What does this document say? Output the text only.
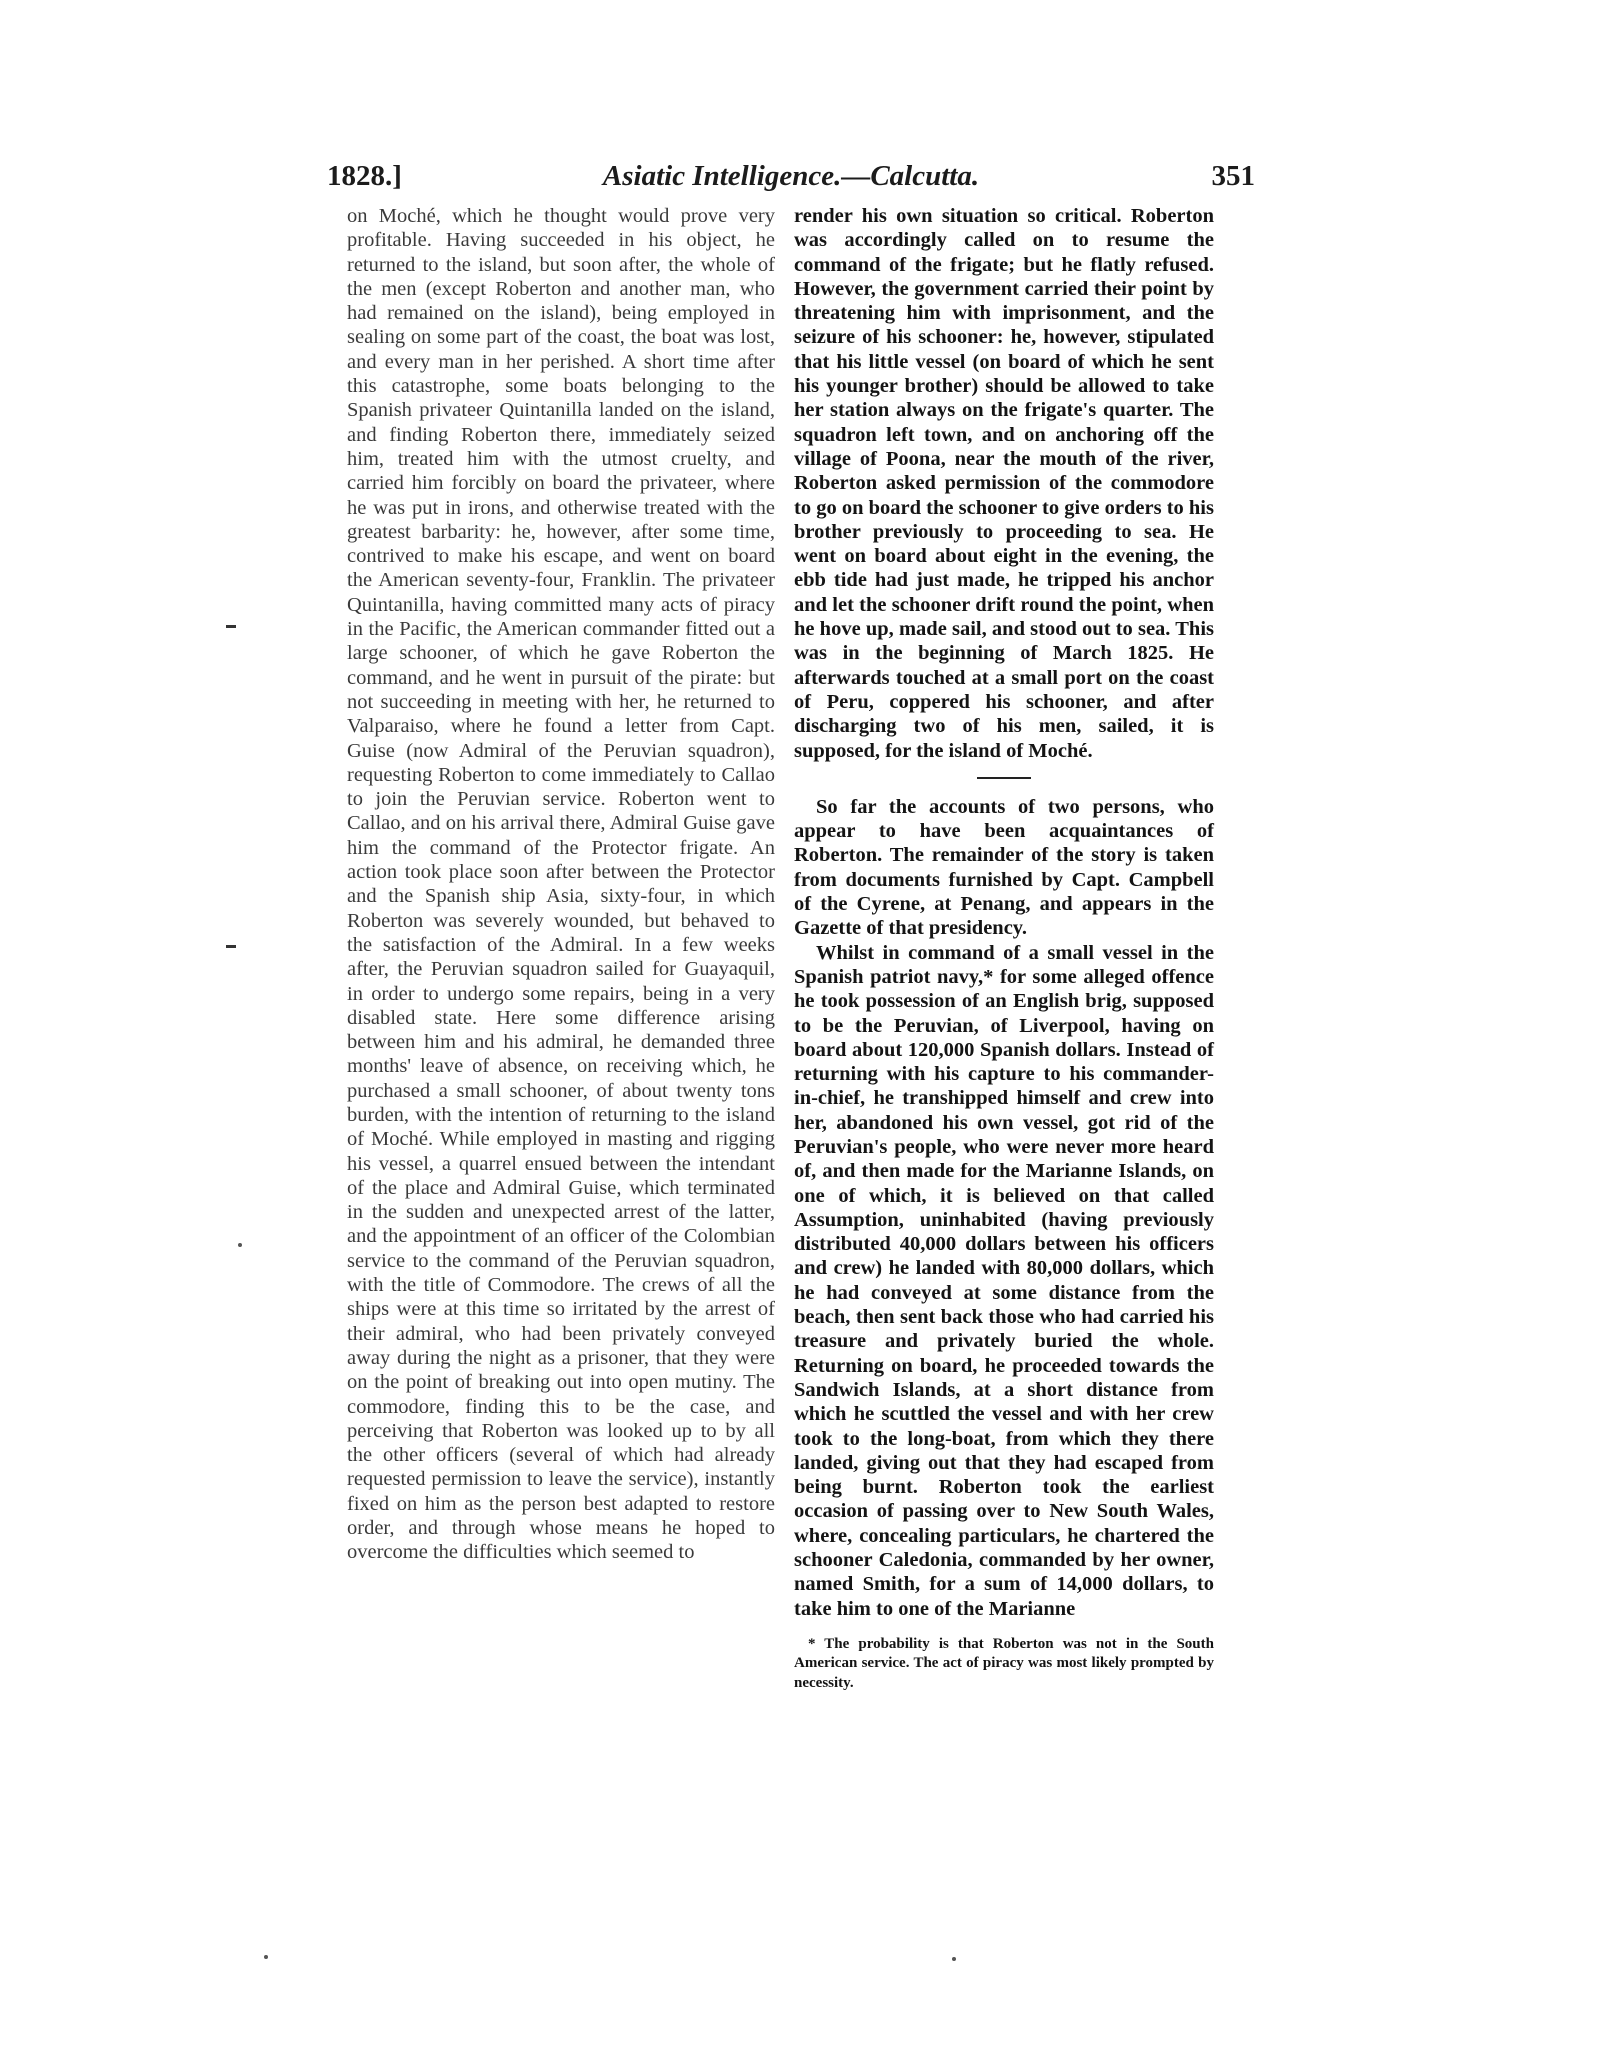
1828.]	Asiatic Intelligence.—Calcutta.	351

on Moché, which he thought would prove very profitable. Having succeeded in his object, he returned to the island, but soon after, the whole of the men (except Roberton and another man, who had remained on the island), being employed in sealing on some part of the coast, the boat was lost, and every man in her perished. A short time after this catastrophe, some boats belonging to the Spanish privateer Quintanilla landed on the island, and finding Roberton there, immediately seized him, treated him with the utmost cruelty, and carried him forcibly on board the privateer, where he was put in irons, and otherwise treated with the greatest barbarity: he, however, after some time, contrived to make his escape, and went on board the American seventy-four, Franklin. The privateer Quintanilla, having committed many acts of piracy in the Pacific, the American commander fitted out a large schooner, of which he gave Roberton the command, and he went in pursuit of the pirate: but not succeeding in meeting with her, he returned to Valparaiso, where he found a letter from Capt. Guise (now Admiral of the Peruvian squadron), requesting Roberton to come immediately to Callao to join the Peruvian service. Roberton went to Callao, and on his arrival there, Admiral Guise gave him the command of the Protector frigate. An action took place soon after between the Protector and the Spanish ship Asia, sixty-four, in which Roberton was severely wounded, but behaved to the satisfaction of the Admiral. In a few weeks after, the Peruvian squadron sailed for Guayaquil, in order to undergo some repairs, being in a very disabled state. Here some difference arising between him and his admiral, he demanded three months' leave of absence, on receiving which, he purchased a small schooner, of about twenty tons burden, with the intention of returning to the island of Moché. While employed in masting and rigging his vessel, a quarrel ensued between the intendant of the place and Admiral Guise, which terminated in the sudden and unexpected arrest of the latter, and the appointment of an officer of the Colombian service to the command of the Peruvian squadron, with the title of Commodore. The crews of all the ships were at this time so irritated by the arrest of their admiral, who had been privately conveyed away during the night as a prisoner, that they were on the point of breaking out into open mutiny. The commodore, finding this to be the case, and perceiving that Roberton was looked up to by all the other officers (several of which had already requested permission to leave the service), instantly fixed on him as the person best adapted to restore order, and through whose means he hoped to overcome the difficulties which seemed to

render his own situation so critical. Roberton was accordingly called on to resume the command of the frigate; but he flatly refused. However, the government carried their point by threatening him with imprisonment, and the seizure of his schooner: he, however, stipulated that his little vessel (on board of which he sent his younger brother) should be allowed to take her station always on the frigate's quarter. The squadron left town, and on anchoring off the village of Poona, near the mouth of the river, Roberton asked permission of the commodore to go on board the schooner to give orders to his brother previously to proceeding to sea. He went on board about eight in the evening, the ebb tide had just made, he tripped his anchor and let the schooner drift round the point, when he hove up, made sail, and stood out to sea. This was in the beginning of March 1825. He afterwards touched at a small port on the coast of Peru, coppered his schooner, and after discharging two of his men, sailed, it is supposed, for the island of Moché.

So far the accounts of two persons, who appear to have been acquaintances of Roberton. The remainder of the story is taken from documents furnished by Capt. Campbell of the Cyrene, at Penang, and appears in the Gazette of that presidency.

Whilst in command of a small vessel in the Spanish patriot navy,* for some alleged offence he took possession of an English brig, supposed to be the Peruvian, of Liverpool, having on board about 120,000 Spanish dollars. Instead of returning with his capture to his commander-in-chief, he transhipped himself and crew into her, abandoned his own vessel, got rid of the Peruvian's people, who were never more heard of, and then made for the Marianne Islands, on one of which, it is believed on that called Assumption, uninhabited (having previously distributed 40,000 dollars between his officers and crew) he landed with 80,000 dollars, which he had conveyed at some distance from the beach, then sent back those who had carried his treasure and privately buried the whole. Returning on board, he proceeded towards the Sandwich Islands, at a short distance from which he scuttled the vessel and with her crew took to the long-boat, from which they there landed, giving out that they had escaped from being burnt. Roberton took the earliest occasion of passing over to New South Wales, where, concealing particulars, he chartered the schooner Caledonia, commanded by her owner, named Smith, for a sum of 14,000 dollars, to take him to one of the Marianne

* The probability is that Roberton was not in the South American service. The act of piracy was most likely prompted by necessity.
